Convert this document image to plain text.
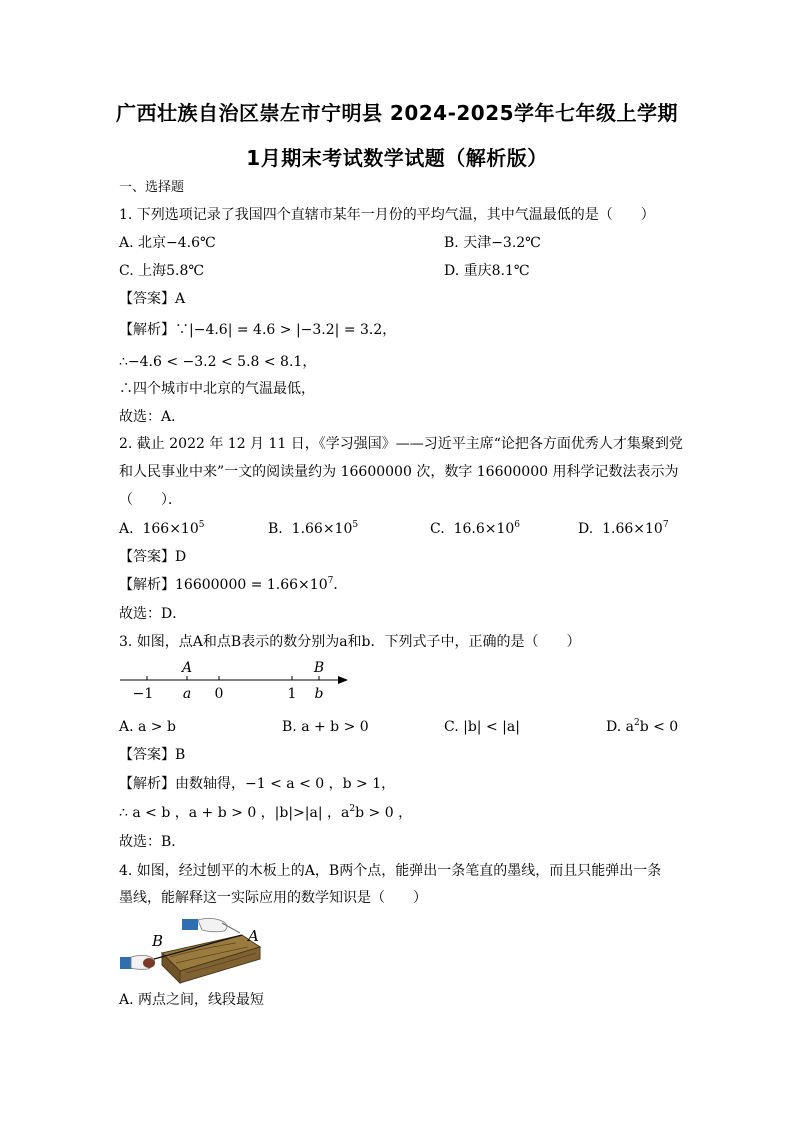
广西壮族自治区崇左市宁明县 2024-2025学年七年级上学期
1月期末考试数学试题（解析版）
一、选择题
1. 下列选项记录了我国四个直辖市某年一月份的平均气温，其中气温最低的是（　　）
A. 北京−4.6℃	B. 天津−3.2℃
C. 上海5.8℃	D. 重庆8.1℃
【答案】A
【解析】∵|−4.6| = 4.6 > |−3.2| = 3.2，
∴−4.6 < −3.2 < 5.8 < 8.1，
∴四个城市中北京的气温最低，
故选：A．
2. 截止 2022 年 12 月 11 日，《学习强国》——习近平主席“论把各方面优秀人才集聚到党
和人民事业中来”一文的阅读量约为 16600000 次，数字 16600000 用科学记数法表示为
（　　）．
A. $166\times 10^5$	B. $1.66\times 10^5$	C. $16.6\times 10^6$	D. $1.66\times 10^7$
【答案】D
【解析】$16600000 = 1.66\times 10^7$．
故选：D．
3. 如图，点A和点B表示的数分别为a和b．下列式子中，正确的是（　　）
A	B
−1 a 0	1 b
A. a > b	B. a + b > 0	C. |b| < |a|	D. $a^2b < 0$
【答案】B
【解析】由数轴得，−1 < a < 0 ，b > 1，
∴ a < b ，a + b > 0 ，|b|>|a| ，$a^2b > 0$ ，
故选：B．
4. 如图，经过刨平的木板上的A，B两个点，能弹出一条笔直的墨线，而且只能弹出一条
墨线，能解释这一实际应用的数学知识是（　　）
B	A
A. 两点之间，线段最短
